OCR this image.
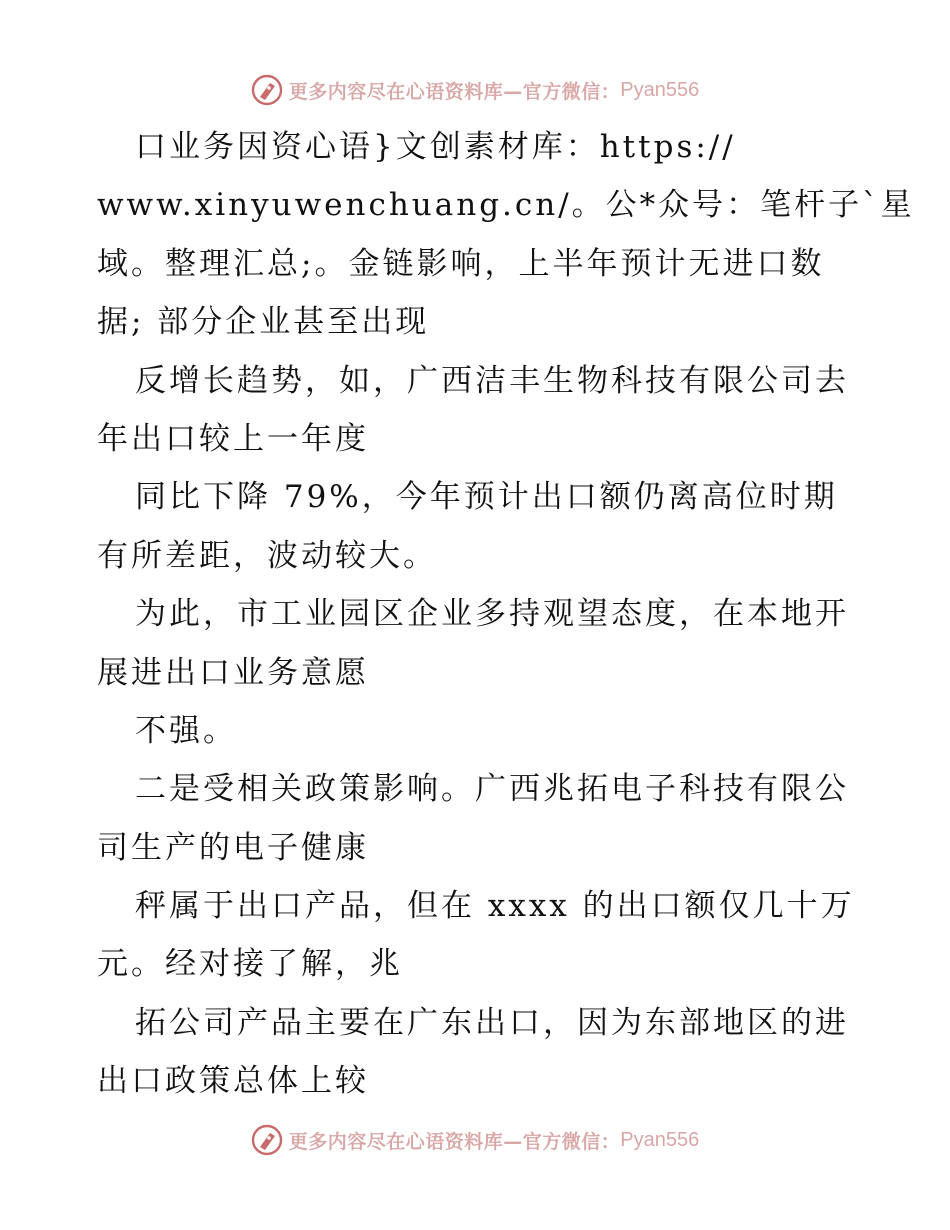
更多内容尽在心语资料库—官方微信： Pyan556
口业务因资心语}文创素材库：https://
www.xinyuwenchuang.cn/。公*众号：笔杆子`星
域。整理汇总;。金链影响，上半年预计无进口数
据; 部分企业甚至出现
反增长趋势，如，广西洁丰生物科技有限公司去
年出口较上一年度
同比下降 79%，今年预计出口额仍离高位时期
有所差距，波动较大。
为此，市工业园区企业多持观望态度，在本地开
展进出口业务意愿
不强。
二是受相关政策影响。广西兆拓电子科技有限公
司生产的电子健康
秤属于出口产品，但在 xxxx 的出口额仅几十万
元。经对接了解，兆
拓公司产品主要在广东出口，因为东部地区的进
出口政策总体上较
更多内容尽在心语资料库—官方微信： Pyan556
